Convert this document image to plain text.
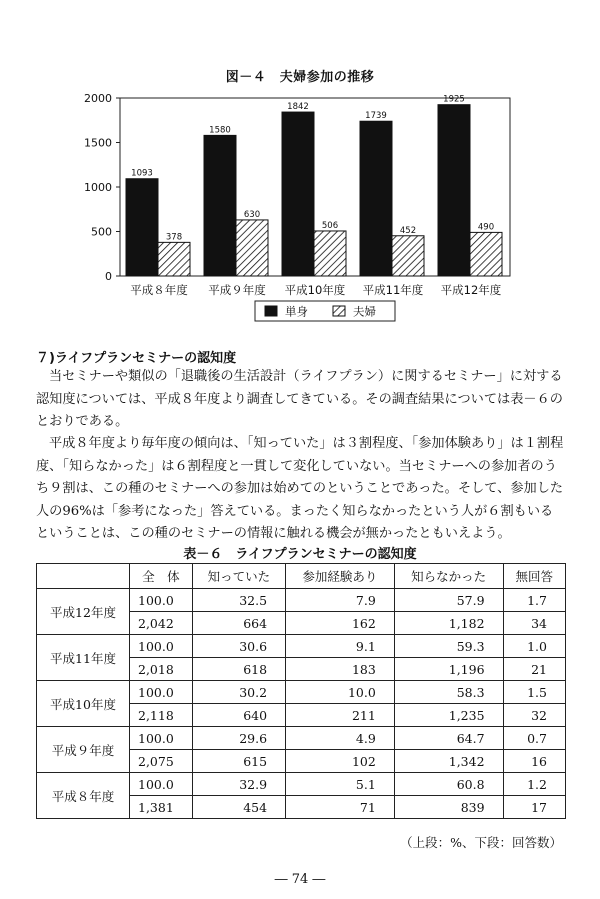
図－４　夫婦参加の推移
0
500
1000
1500
2000
1093
378
平成８年度
1580
630
平成９年度
1842
506
平成10年度
1739
452
平成11年度
1925
490
平成12年度
単身	夫婦
７)ライフプランセミナーの認知度

当セミナーや類似の「退職後の生活設計（ライフプラン）に関するセミナー」に対する認知度については、平成８年度より調査してきている。その調査結果については表－６のとおりである。

平成８年度より毎年度の傾向は、「知っていた」は３割程度、「参加体験あり」は１割程度、「知らなかった」は６割程度と一貫して変化していない。当セミナーへの参加者のうち９割は、この種のセミナーへの参加は始めてのということであった。そして、参加した人の96%は「参考になった」答えている。まったく知らなかったという人が６割もいるということは、この種のセミナーの情報に触れる機会が無かったともいえよう。

表－６　ライフプランセミナーの認知度
	全　体	知っていた	参加経験あり	知らなかった	無回答
平成12年度	100.0	32.5	7.9	57.9	1.7
	2,042	664	162	1,182	34
平成11年度	100.0	30.6	9.1	59.3	1.0
	2,018	618	183	1,196	21
平成10年度	100.0	30.2	10.0	58.3	1.5
	2,118	640	211	1,235	32
平成９年度	100.0	29.6	4.9	64.7	0.7
	2,075	615	102	1,342	16
平成８年度	100.0	32.9	5.1	60.8	1.2
	1,381	454	71	839	17
（上段：%、下段：回答数）
― 74 ―
